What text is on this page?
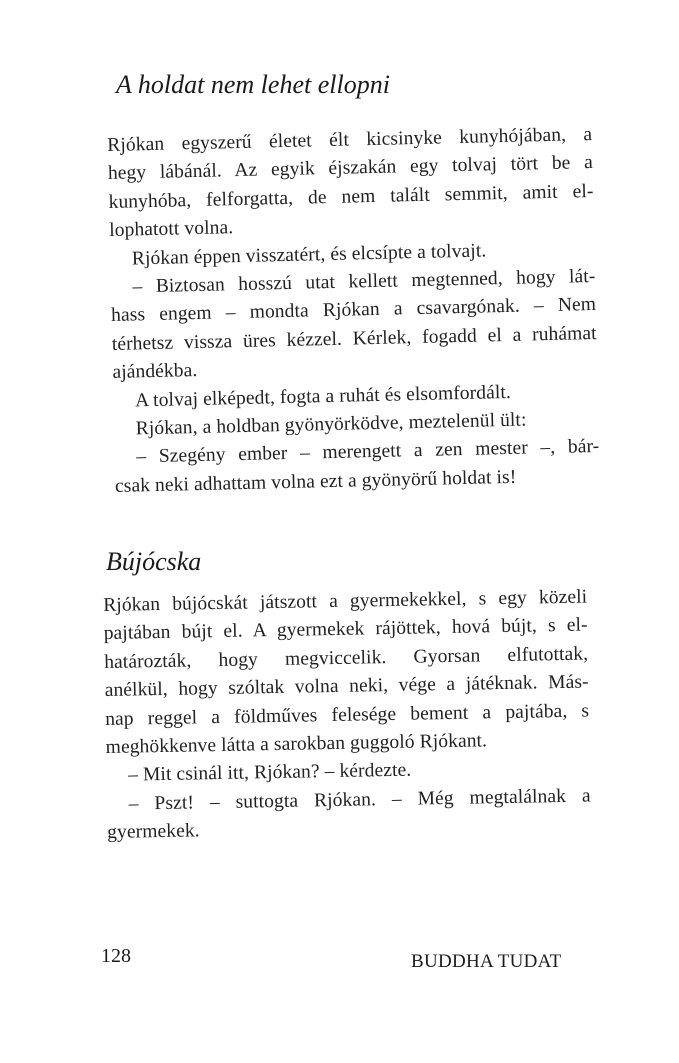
A holdat nem lehet ellopni
Rjókan egyszerű életet élt kicsinyke kunyhójában, a
hegy lábánál. Az egyik éjszakán egy tolvaj tört be a
kunyhóba, felforgatta, de nem talált semmit, amit el-
lophatott volna.
Rjókan éppen visszatért, és elcsípte a tolvajt.
– Biztosan hosszú utat kellett megtenned, hogy lát-
hass engem – mondta Rjókan a csavargónak. – Nem
térhetsz vissza üres kézzel. Kérlek, fogadd el a ruhámat
ajándékba.
A tolvaj elképedt, fogta a ruhát és elsomfordált.
Rjókan, a holdban gyönyörködve, meztelenül ült:
– Szegény ember – merengett a zen mester –, bár-
csak neki adhattam volna ezt a gyönyörű holdat is!
Bújócska
Rjókan bújócskát játszott a gyermekekkel, s egy közeli
pajtában bújt el. A gyermekek rájöttek, hová bújt, s el-
határozták, hogy megviccelik. Gyorsan elfutottak,
anélkül, hogy szóltak volna neki, vége a játéknak. Más-
nap reggel a földműves felesége bement a pajtába, s
meghökkenve látta a sarokban guggoló Rjókant.
– Mit csinál itt, Rjókan? – kérdezte.
– Pszt! – suttogta Rjókan. – Még megtalálnak a
gyermekek.
128	BUDDHA TUDAT
